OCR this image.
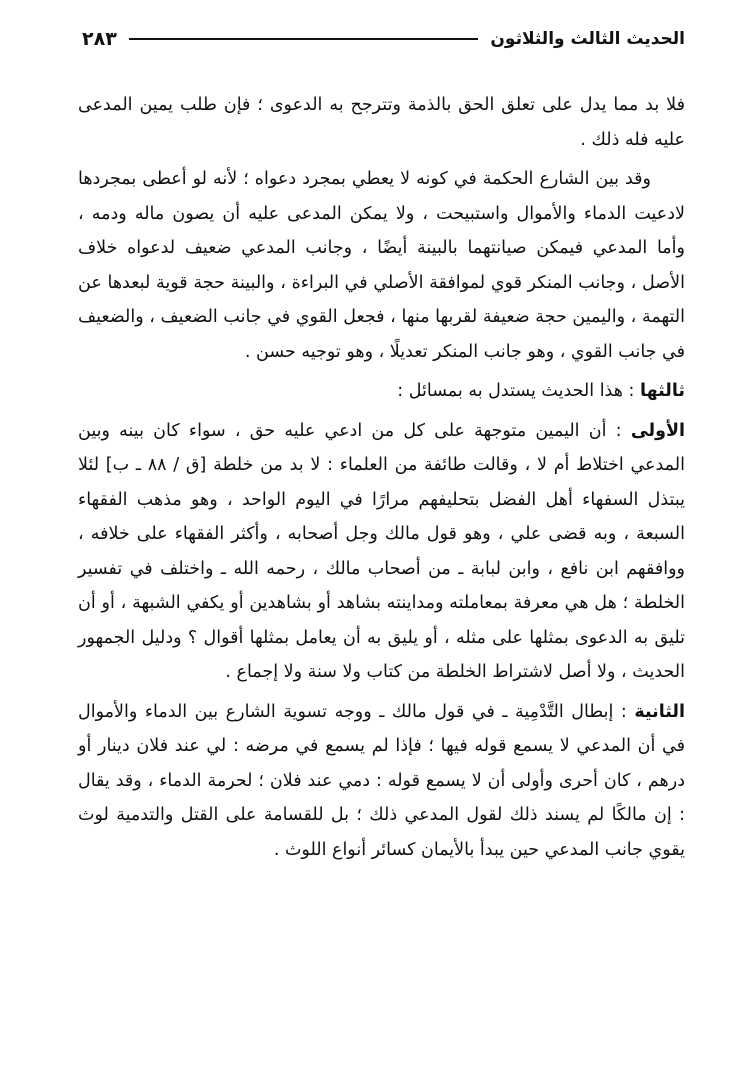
الحديث الثالث والثلاثون
٢٨٣

فلا بد مما يدل على تعلق الحق بالذمة وتترجح به الدعوى ؛ فإن طلب يمين المدعى عليه فله ذلك .

وقد بين الشارع الحكمة في كونه لا يعطي بمجرد دعواه ؛ لأنه لو أعطى بمجردها لادعيت الدماء والأموال واستبيحت ، ولا يمكن المدعى عليه أن يصون ماله ودمه ، وأما المدعي فيمكن صيانتهما بالبينة أيضًا ، وجانب المدعي ضعيف لدعواه خلاف الأصل ، وجانب المنكر قوي لموافقة الأصلي في البراءة ، والبينة حجة قوية لبعدها عن التهمة ، واليمين حجة ضعيفة لقربها منها ، فجعل القوي في جانب الضعيف ، والضعيف في جانب القوي ، وهو جانب المنكر تعديلًا ، وهو توجيه حسن .

ثالثها : هذا الحديث يستدل به بمسائل :

الأولى : أن اليمين متوجهة على كل من ادعي عليه حق ، سواء كان بينه وبين المدعي اختلاط أم لا ، وقالت طائفة من العلماء : لا بد من خلطة [ق / ٨٨ ـ ب] لئلا يبتذل السفهاء أهل الفضل بتحليفهم مرارًا في اليوم الواحد ، وهو مذهب الفقهاء السبعة ، وبه قضى علي ، وهو قول مالك وجل أصحابه ، وأكثر الفقهاء على خلافه ، ووافقهم ابن نافع ، وابن لبابة ـ من أصحاب مالك ، رحمه الله ـ واختلف في تفسير الخلطة ؛ هل هي معرفة بمعاملته ومداينته بشاهد أو بشاهدين أو يكفي الشبهة ، أو أن تليق به الدعوى بمثلها على مثله ، أو يليق به أن يعامل بمثلها أقوال ؟ ودليل الجمهور الحديث ، ولا أصل لاشتراط الخلطة من كتاب ولا سنة ولا إجماع .

الثانية : إبطال التَّدْمِية ـ في قول مالك ـ ووجه تسوية الشارع بين الدماء والأموال في أن المدعي لا يسمع قوله فيها ؛ فإذا لم يسمع في مرضه : لي عند فلان دينار أو درهم ، كان أحرى وأولى أن لا يسمع قوله : دمي عند فلان ؛ لحرمة الدماء ، وقد يقال : إن مالكًا لم يسند ذلك لقول المدعي ذلك ؛ بل للقسامة على القتل والتدمية لوث يقوي جانب المدعي حين يبدأ بالأيمان كسائر أنواع اللوث .
